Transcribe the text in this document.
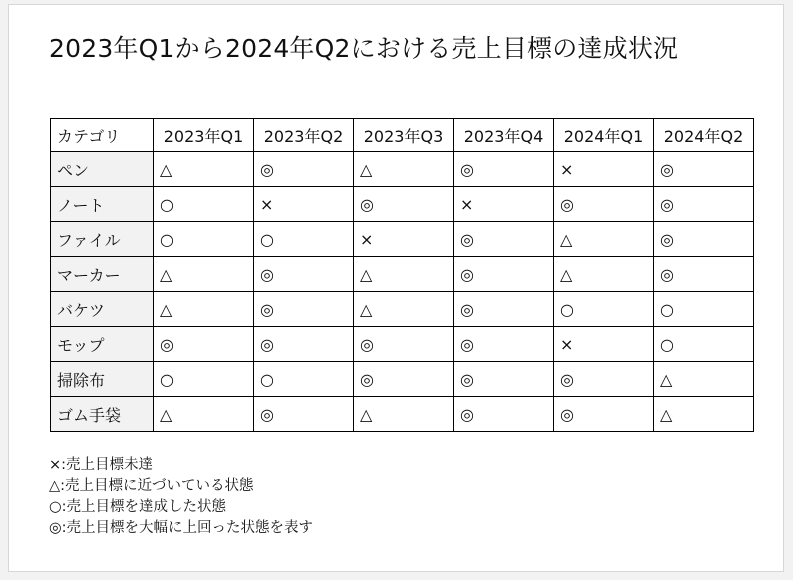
2023年Q1から2024年Q2における売上目標の達成状況
カテゴリ	2023年Q1	2023年Q2	2023年Q3	2023年Q4	2024年Q1	2024年Q2
ペン	△	◎	△	◎	×	◎
ノート	○	×	◎	×	◎	◎
ファイル	○	○	×	◎	△	◎
マーカー	△	◎	△	◎	△	◎
バケツ	△	◎	△	◎	○	○
モップ	◎	◎	◎	◎	×	○
掃除布	○	○	◎	◎	◎	△
ゴム手袋	△	◎	△	◎	◎	△
×:売上目標未達
△:売上目標に近づいている状態
○:売上目標を達成した状態
◎:売上目標を大幅に上回った状態を表す
